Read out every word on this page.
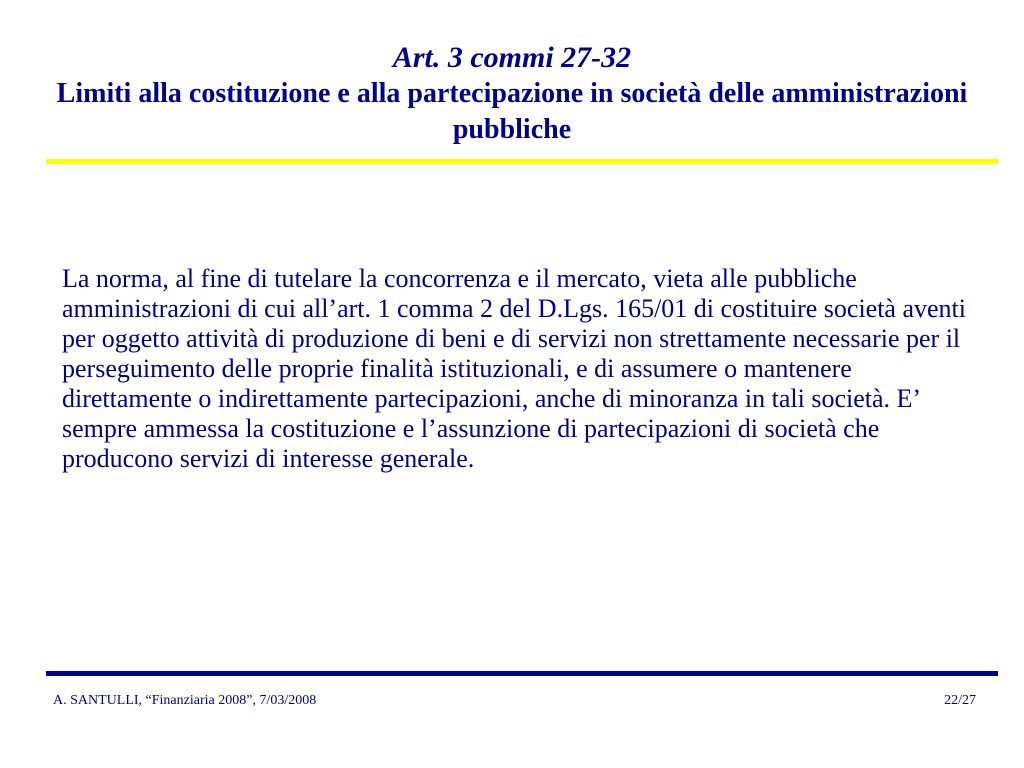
Art. 3 commi 27-32
Limiti alla costituzione e alla partecipazione in società delle amministrazioni pubbliche

La norma, al fine di tutelare la concorrenza e il mercato, vieta alle pubbliche amministrazioni di cui all’art. 1 comma 2 del D.Lgs. 165/01 di costituire società aventi per oggetto attività di produzione di beni e di servizi non strettamente necessarie per il perseguimento delle proprie finalità istituzionali, e di assumere o mantenere direttamente o indirettamente partecipazioni, anche di minoranza in tali società. E’ sempre ammessa la costituzione e l’assunzione di partecipazioni di società che producono servizi di interesse generale.

A. SANTULLI, “Finanziaria 2008”, 7/03/2008	22/27
